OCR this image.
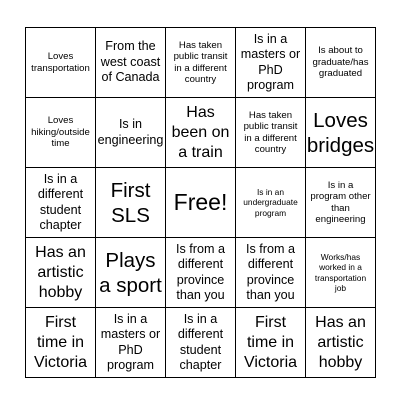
Loves transportation
From the west coast of Canada
Has taken public transit in a different country
Is in a masters or PhD program
Is about to graduate/has graduated
Loves hiking/outside time
Is in engineering
Has been on a train
Has taken public transit in a different country
Loves bridges
Is in a different student chapter
First SLS
Free!	Is in an undergraduate program
Is in a program other than engineering
Has an artistic hobby
Plays a sport
Is from a different province than you
Is from a different province than you
Works/has worked in a transportation job
First time in Victoria
Is in a masters or PhD program
Is in a different student chapter
First time in Victoria
Has an artistic hobby
